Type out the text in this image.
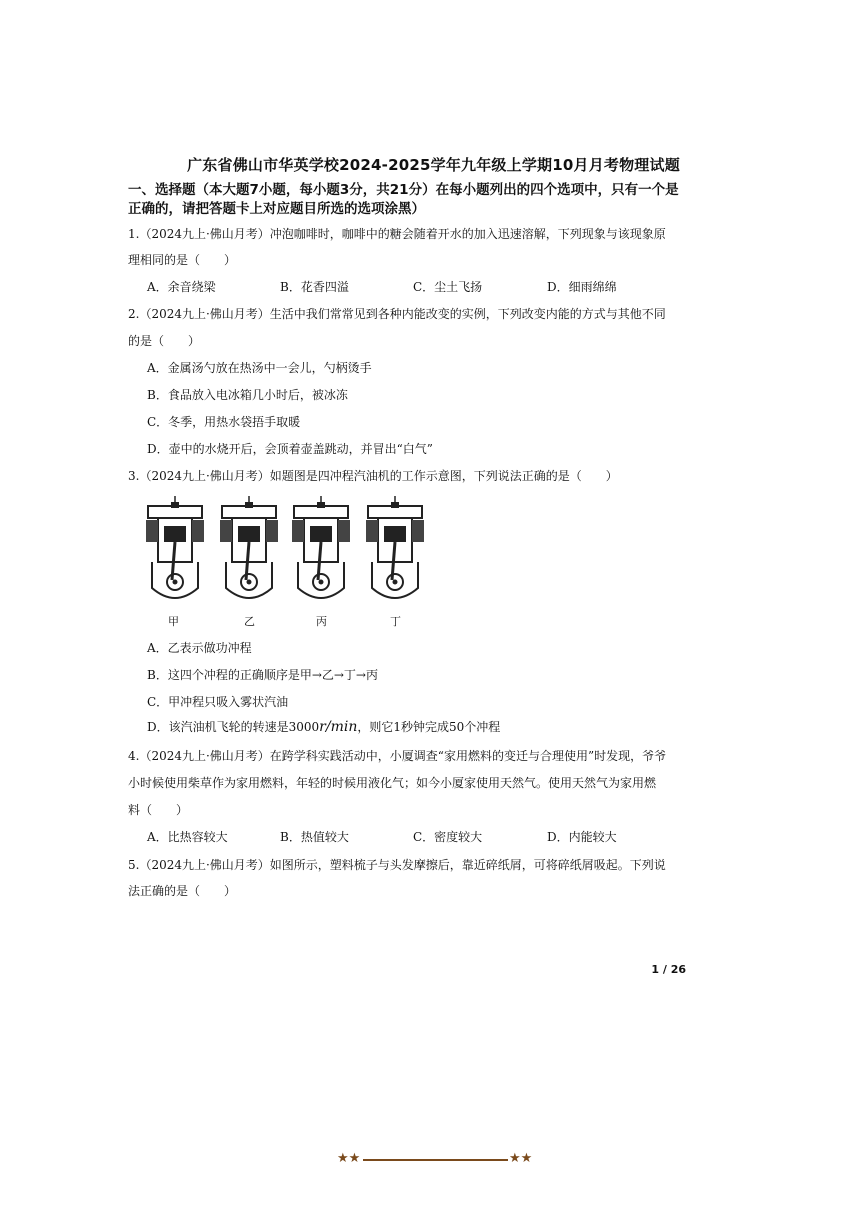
广东省佛山市华英学校2024-2025学年九年级上学期10月月考物理试题
一、选择题（本大题7小题，每小题3分，共21分）在每小题列出的四个选项中，只有一个是正确的，请把答题卡上对应题目所选的选项涂黑）
1.（2024九上·佛山月考）冲泡咖啡时，咖啡中的糖会随着开水的加入迅速溶解，下列现象与该现象原
理相同的是（　　）
A．余音绕梁	B．花香四溢	C．尘土飞扬	D．细雨绵绵
2.（2024九上·佛山月考）生活中我们常常见到各种内能改变的实例，下列改变内能的方式与其他不同
的是（　　）
A．金属汤勺放在热汤中一会儿，勺柄烫手
B．食品放入电冰箱几小时后，被冰冻
C．冬季，用热水袋捂手取暖
D．壶中的水烧开后，会顶着壶盖跳动，并冒出“白气”
3.（2024九上·佛山月考）如题图是四冲程汽油机的工作示意图，下列说法正确的是（　　）
甲	乙	丙	丁
A．乙表示做功冲程
B．这四个冲程的正确顺序是甲→乙→丁→丙
C．甲冲程只吸入雾状汽油
D．该汽油机飞轮的转速是3000r/min，则它1秒钟完成50个冲程
4.（2024九上·佛山月考）在跨学科实践活动中，小厦调查“家用燃料的变迁与合理使用”时发现，爷爷
小时候使用柴草作为家用燃料，年轻的时候用液化气；如今小厦家使用天然气。使用天然气为家用燃
料（　　）
A．比热容较大	B．热值较大	C．密度较大	D．内能较大
5.（2024九上·佛山月考）如图所示，塑料梳子与头发摩擦后，靠近碎纸屑，可将碎纸屑吸起。下列说
法正确的是（　　）
1 / 26
★★	★★
